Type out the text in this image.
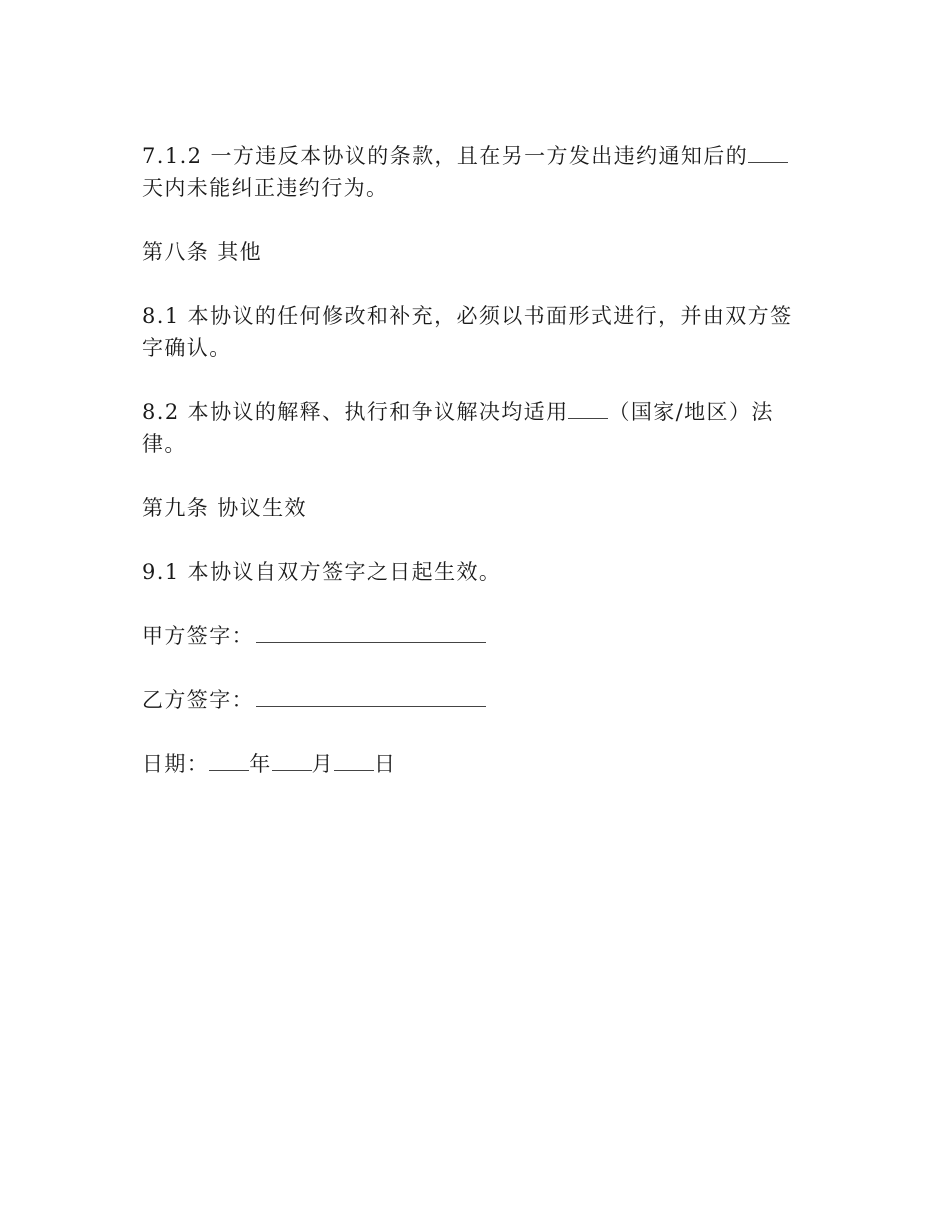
7.1.2 一方违反本协议的条款，且在另一方发出违约通知后的天内未能纠正违约行为。

第八条 其他

8.1 本协议的任何修改和补充，必须以书面形式进行，并由双方签字确认。

8.2 本协议的解释、执行和争议解决均适用 （国家/地区）法律。

第九条 协议生效

9.1 本协议自双方签字之日起生效。

甲方签字：

乙方签字：

日期： 年 月 日
